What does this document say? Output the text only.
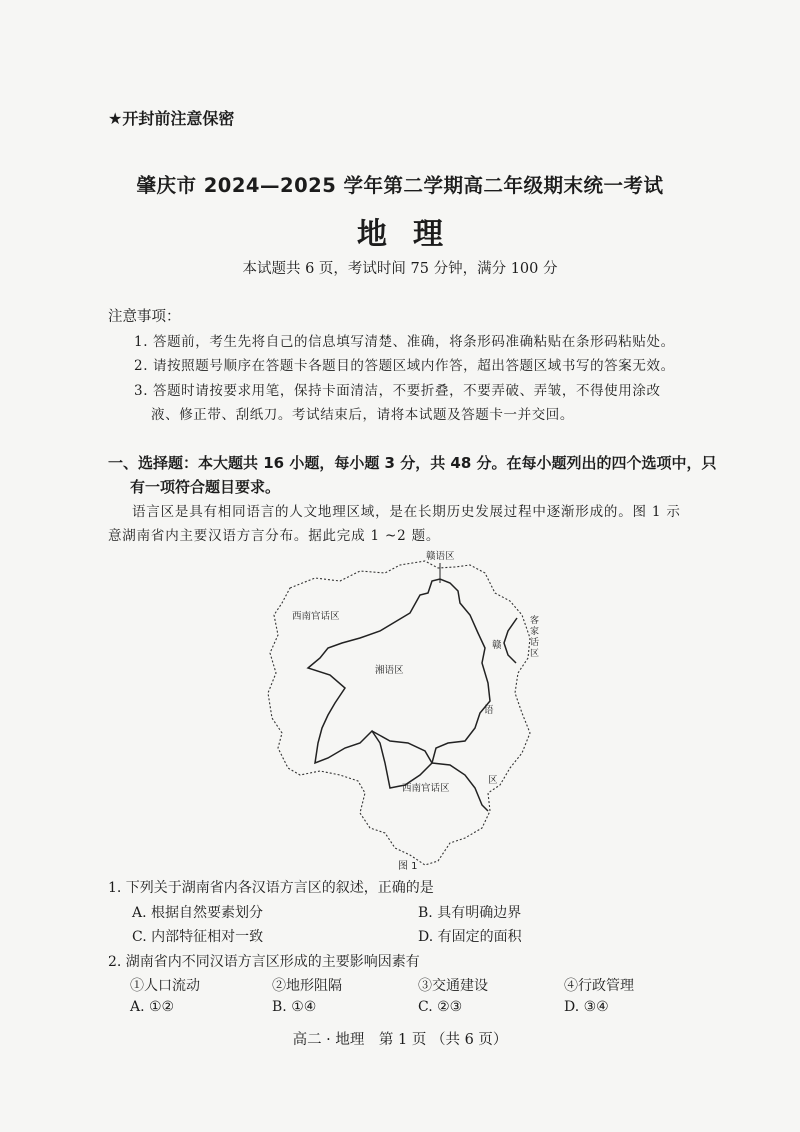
★开封前注意保密
肇庆市 2024—2025 学年第二学期高二年级期末统一考试
地理
本试题共 6 页，考试时间 75 分钟，满分 100 分
注意事项：
1. 答题前，考生先将自己的信息填写清楚、准确，将条形码准确粘贴在条形码粘贴处。
2. 请按照题号顺序在答题卡各题目的答题区域内作答，超出答题区域书写的答案无效。
3. 答题时请按要求用笔，保持卡面清洁，不要折叠，不要弄破、弄皱，不得使用涂改
液、修正带、刮纸刀。考试结束后，请将本试题及答题卡一并交回。
一、选择题：本大题共 16 小题，每小题 3 分，共 48 分。在每小题列出的四个选项中，只
有一项符合题目要求。
语言区是具有相同语言的人文地理区域，是在长期历史发展过程中逐渐形成的。图 1 示
意湖南省内主要汉语方言分布。据此完成 1 ~2 题。
赣语区
西南官话区
湘语区
客
家
话
区
赣
语
区
西南官话区
图 1
1. 下列关于湖南省内各汉语方言区的叙述，正确的是
A. 根据自然要素划分	B. 具有明确边界
C. 内部特征相对一致	D. 有固定的面积
2. 湖南省内不同汉语方言区形成的主要影响因素有
①人口流动	②地形阻隔	③交通建设	④行政管理
A. ①②	B. ①④	C. ②③	D. ③④
高二 · 地理　第 1 页 （共 6 页）
